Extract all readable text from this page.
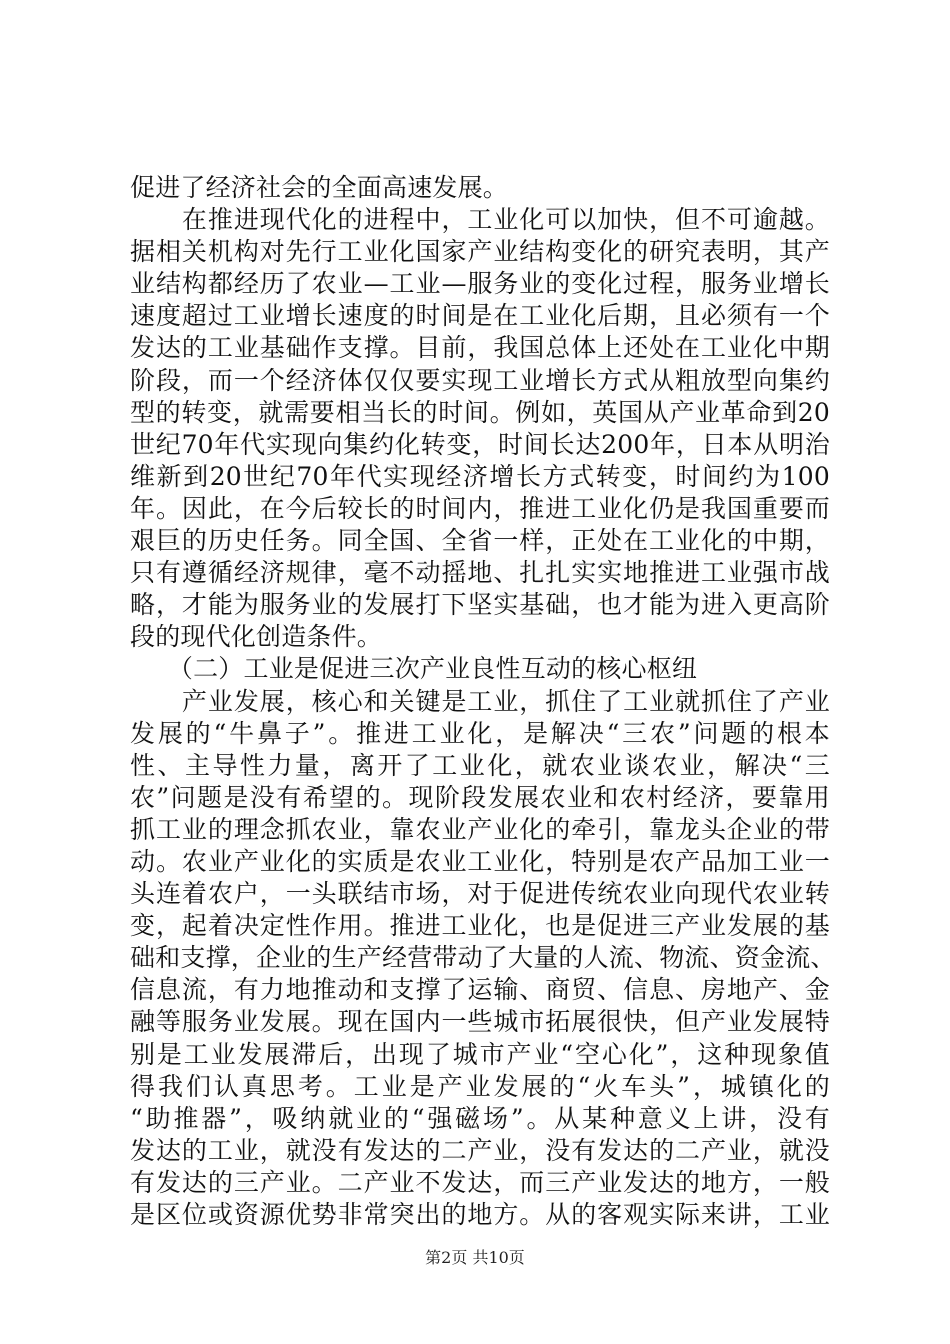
促进了经济社会的全面高速发展。
　　在推进现代化的进程中，工业化可以加快，但不可逾越。
据相关机构对先行工业化国家产业结构变化的研究表明，其产
业结构都经历了农业—工业—服务业的变化过程，服务业增长
速度超过工业增长速度的时间是在工业化后期，且必须有一个
发达的工业基础作支撑。目前，我国总体上还处在工业化中期
阶段，而一个经济体仅仅要实现工业增长方式从粗放型向集约
型的转变，就需要相当长的时间。例如，英国从产业革命到20
世纪70年代实现向集约化转变，时间长达200年，日本从明治
维新到20世纪70年代实现经济增长方式转变，时间约为100
年。因此，在今后较长的时间内，推进工业化仍是我国重要而
艰巨的历史任务。同全国、全省一样，正处在工业化的中期，
只有遵循经济规律，毫不动摇地、扎扎实实地推进工业强市战
略，才能为服务业的发展打下坚实基础，也才能为进入更高阶
段的现代化创造条件。
　　（二）工业是促进三次产业良性互动的核心枢纽
　　产业发展，核心和关键是工业，抓住了工业就抓住了产业
发展的“牛鼻子”。推进工业化，是解决“三农”问题的根本
性、主导性力量，离开了工业化，就农业谈农业，解决“三
农”问题是没有希望的。现阶段发展农业和农村经济，要靠用
抓工业的理念抓农业，靠农业产业化的牵引，靠龙头企业的带
动。农业产业化的实质是农业工业化，特别是农产品加工业一
头连着农户，一头联结市场，对于促进传统农业向现代农业转
变，起着决定性作用。推进工业化，也是促进三产业发展的基
础和支撑，企业的生产经营带动了大量的人流、物流、资金流、
信息流，有力地推动和支撑了运输、商贸、信息、房地产、金
融等服务业发展。现在国内一些城市拓展很快，但产业发展特
别是工业发展滞后，出现了城市产业“空心化”，这种现象值
得我们认真思考。工业是产业发展的“火车头”，城镇化的
“助推器”，吸纳就业的“强磁场”。从某种意义上讲，没有
发达的工业，就没有发达的二产业，没有发达的二产业，就没
有发达的三产业。二产业不发达，而三产业发达的地方，一般
是区位或资源优势非常突出的地方。从的客观实际来讲，工业
第2页 共10页
